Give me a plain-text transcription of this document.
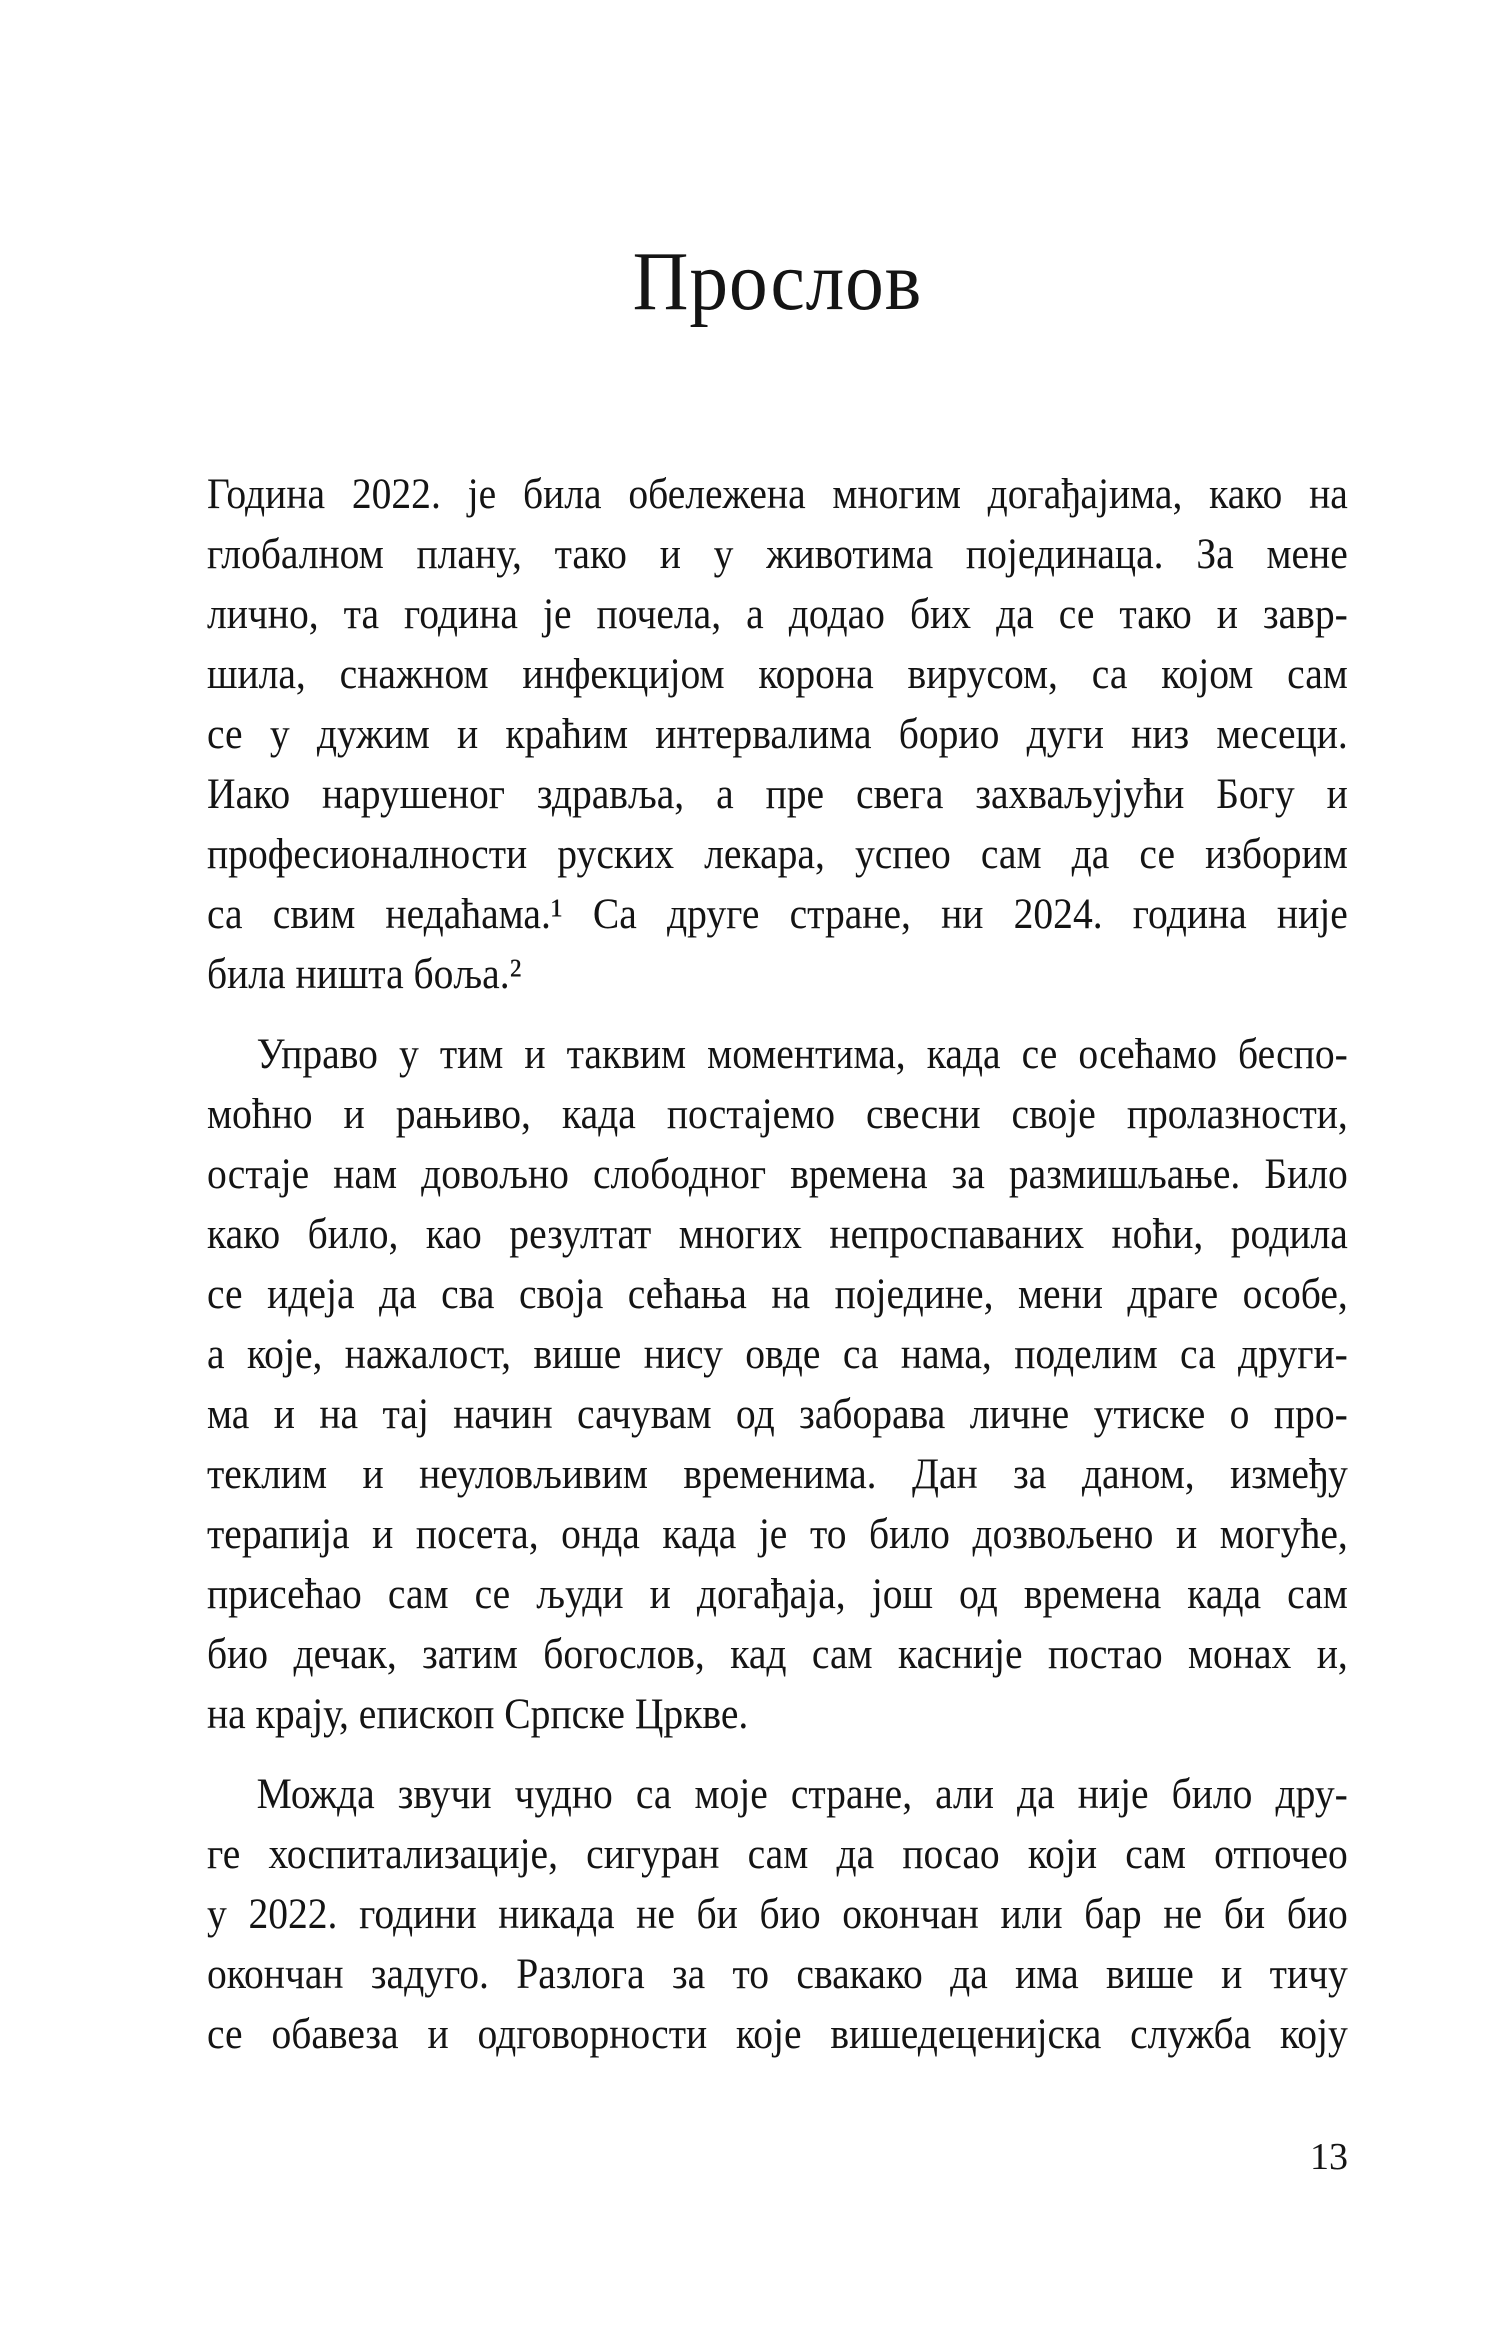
Прослов
Година 2022. је била обележена многим догађајима, како на
глобалном плану, тако и у животима појединаца. За мене
лично, та година је почела, а додао бих да се тако и завр-
шила, снажном инфекцијом корона вирусом, са којом сам
се у дужим и краћим интервалима борио дуги низ месеци.
Иако нарушеног здравља, а пре свега захваљујући Богу и
професионалности руских лекара, успео сам да се изборим
са свим недаћама.¹ Са друге стране, ни 2024. година није
била ништа боља.²
Управо у тим и таквим моментима, када се осећамо беспо-
моћно и рањиво, када постајемо свесни своје пролазности,
остаје нам довољно слободног времена за размишљање. Било
како било, као резултат многих непроспаваних ноћи, родила
се идеја да сва своја сећања на поједине, мени драге особе,
а које, нажалост, више нису овде са нама, поделим са други-
ма и на тај начин сачувам од заборава личне утиске о про-
теклим и неуловљивим временима. Дан за даном, између
терапија и посета, онда када је то било дозвољено и могуће,
присећао сам се људи и догађаја, још од времена када сам
био дечак, затим богослов, кад сам касније постао монах и,
на крају, епископ Српске Цркве.
Можда звучи чудно са моје стране, али да није било дру-
ге хоспитализације, сигуран сам да посао који сам отпочео
у 2022. години никада не би био окончан или бар не би био
окончан задуго. Разлога за то свакако да има више и тичу
се обавеза и одговорности које вишедеценијска служба коју
13
